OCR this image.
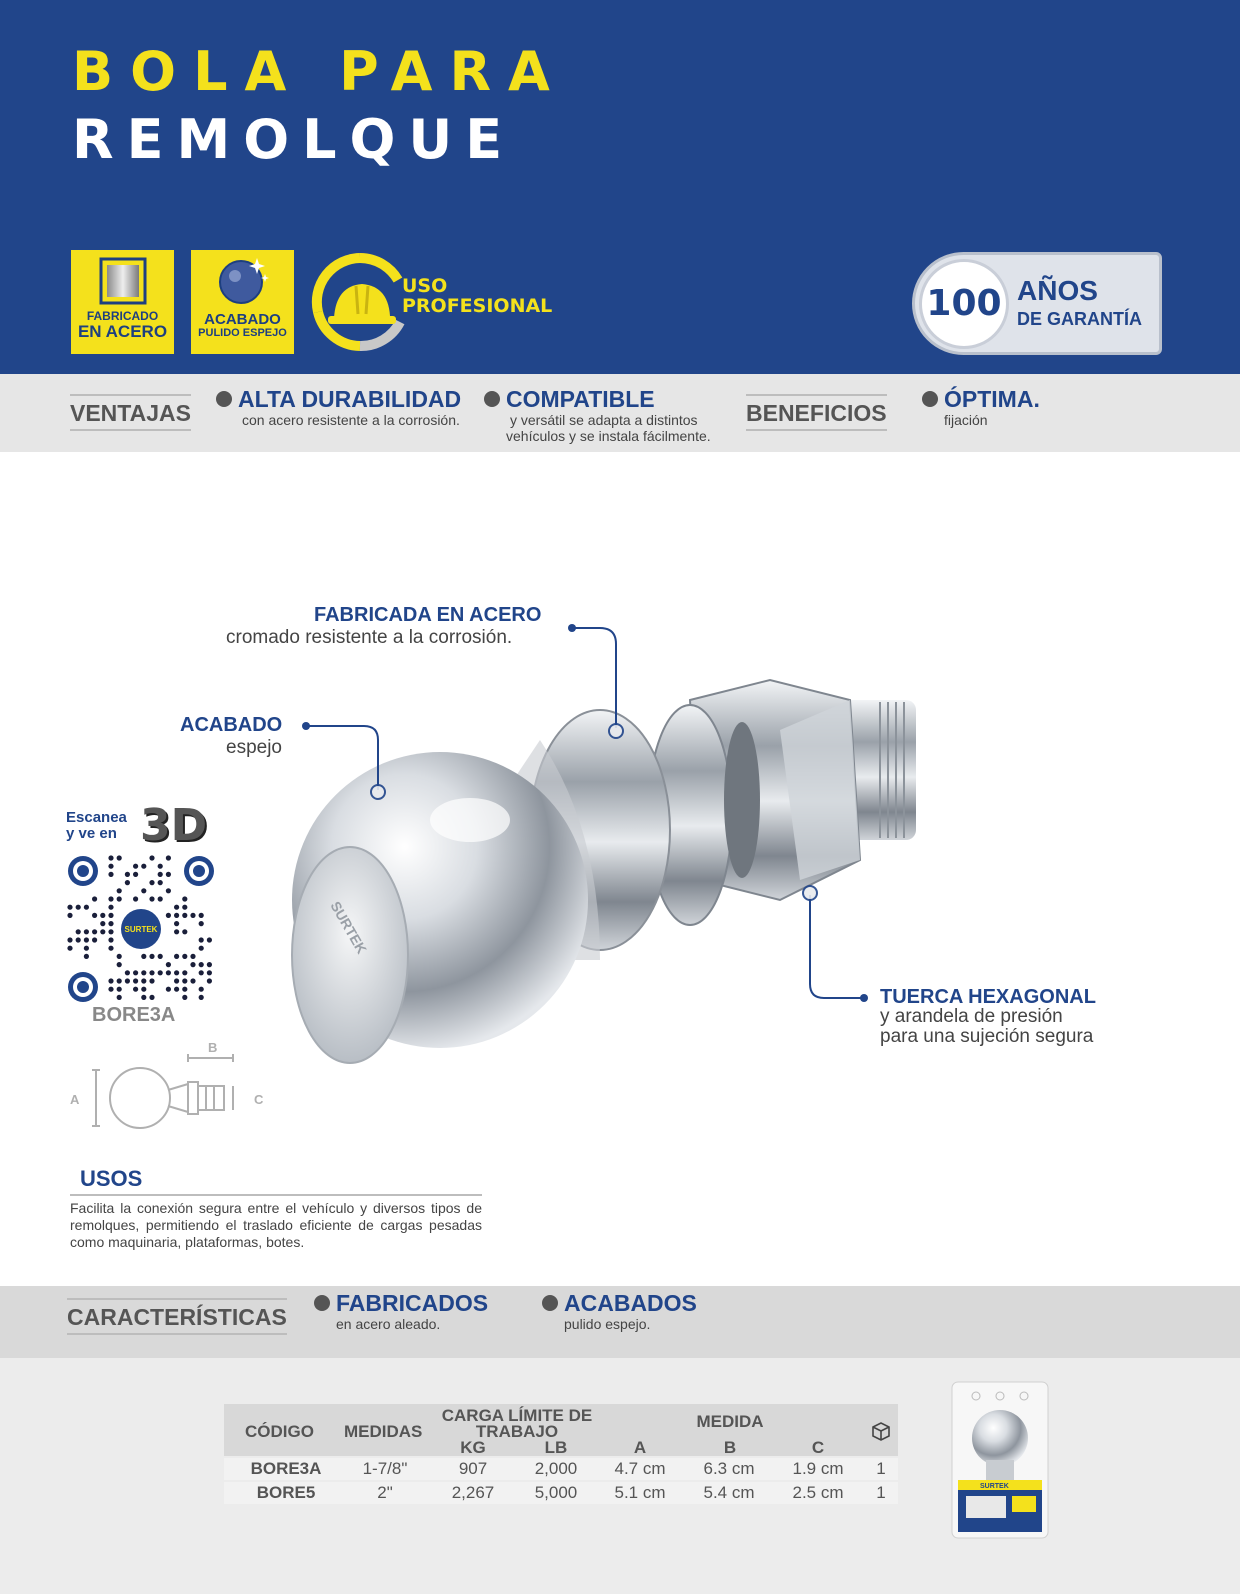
BOLA PARA
REMOLQUE
FABRICADO
EN ACERO
ACABADO
PULIDO ESPEJO
USO
PROFESIONAL	100 AÑOS
DE GARANTÍA
VENTAJAS
ALTA DURABILIDAD
con acero resistente a la corrosión.
COMPATIBLE
y versátil se adapta a distintos
vehículos y se instala fácilmente.
BENEFICIOS
ÓPTIMA.
fijación
SURTEK
FABRICADA EN ACERO
cromado resistente a la corrosión.
ACABADO
espejo
TUERCA HEXAGONAL
y arandela de presión
para una sujeción segura
Escanea
y ve en 3D
SURTEK
BORE3A
A
B
C
USOS
Facilita la conexión segura entre el vehículo y diversos tipos de remolques, permitiendo el traslado eficiente de cargas pesadas como maquinaria, plataformas, botes.
CARACTERÍSTICAS
FABRICADOS
en acero aleado.
ACABADOS
pulido espejo.
CÓDIGO MEDIDAS
CARGA LÍMITE DE
TRABAJO
KG	LB
MEDIDA
A	B	C
BORE3A	1-7/8"	907	2,000	4.7 cm	6.3 cm	1.9 cm	1
BORE5	2"	2,267	5,000	5.1 cm	5.4 cm	2.5 cm	1	SURTEK
